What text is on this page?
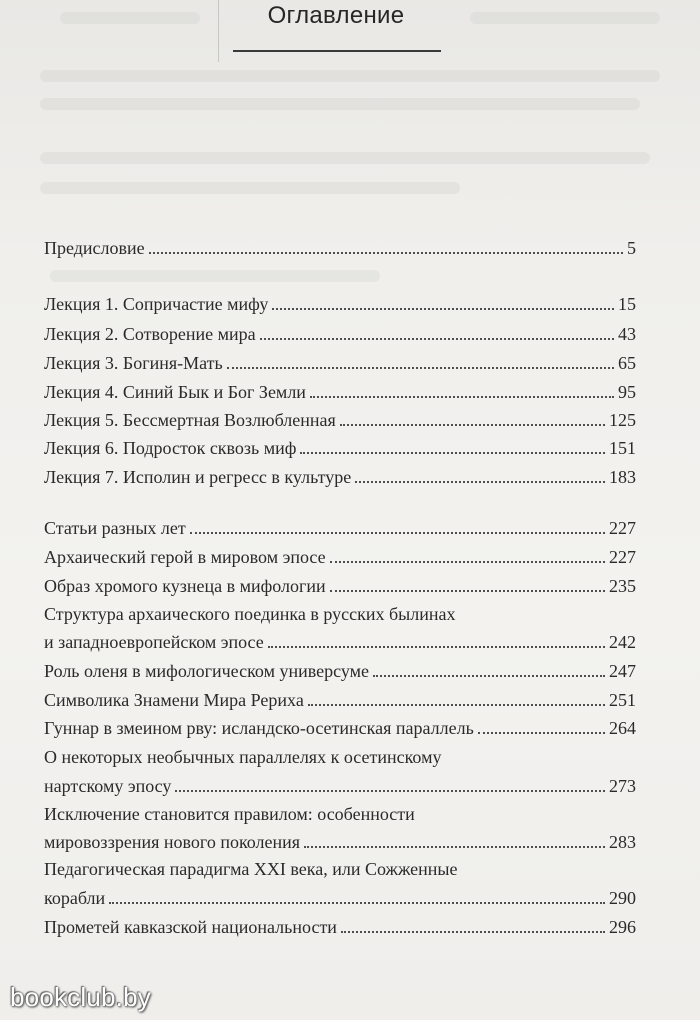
Оглавление
Предисловие	5
Лекция 1. Сопричастие мифу	15
Лекция 2. Сотворение мира	43
Лекция 3. Богиня-Мать	65
Лекция 4. Синий Бык и Бог Земли	95
Лекция 5. Бессмертная Возлюбленная	125
Лекция 6. Подросток сквозь миф	151
Лекция 7. Исполин и регресс в культуре	183
Статьи разных лет	227
Архаический герой в мировом эпосе	227
Образ хромого кузнеца в мифологии	235
Структура архаического поединка в русских былинах
и западноевропейском эпосе	242
Роль оленя в мифологическом универсуме	247
Символика Знамени Мира Рериха	251
Гуннар в змеином рву: исландско-осетинская параллель	264
О некоторых необычных параллелях к осетинскому
нартскому эпосу	273
Исключение становится правилом: особенности
мировоззрения нового поколения	283
Педагогическая парадигма XXI века, или Сожженные
корабли	290
Прометей кавказской национальности	296
bookclub.by
